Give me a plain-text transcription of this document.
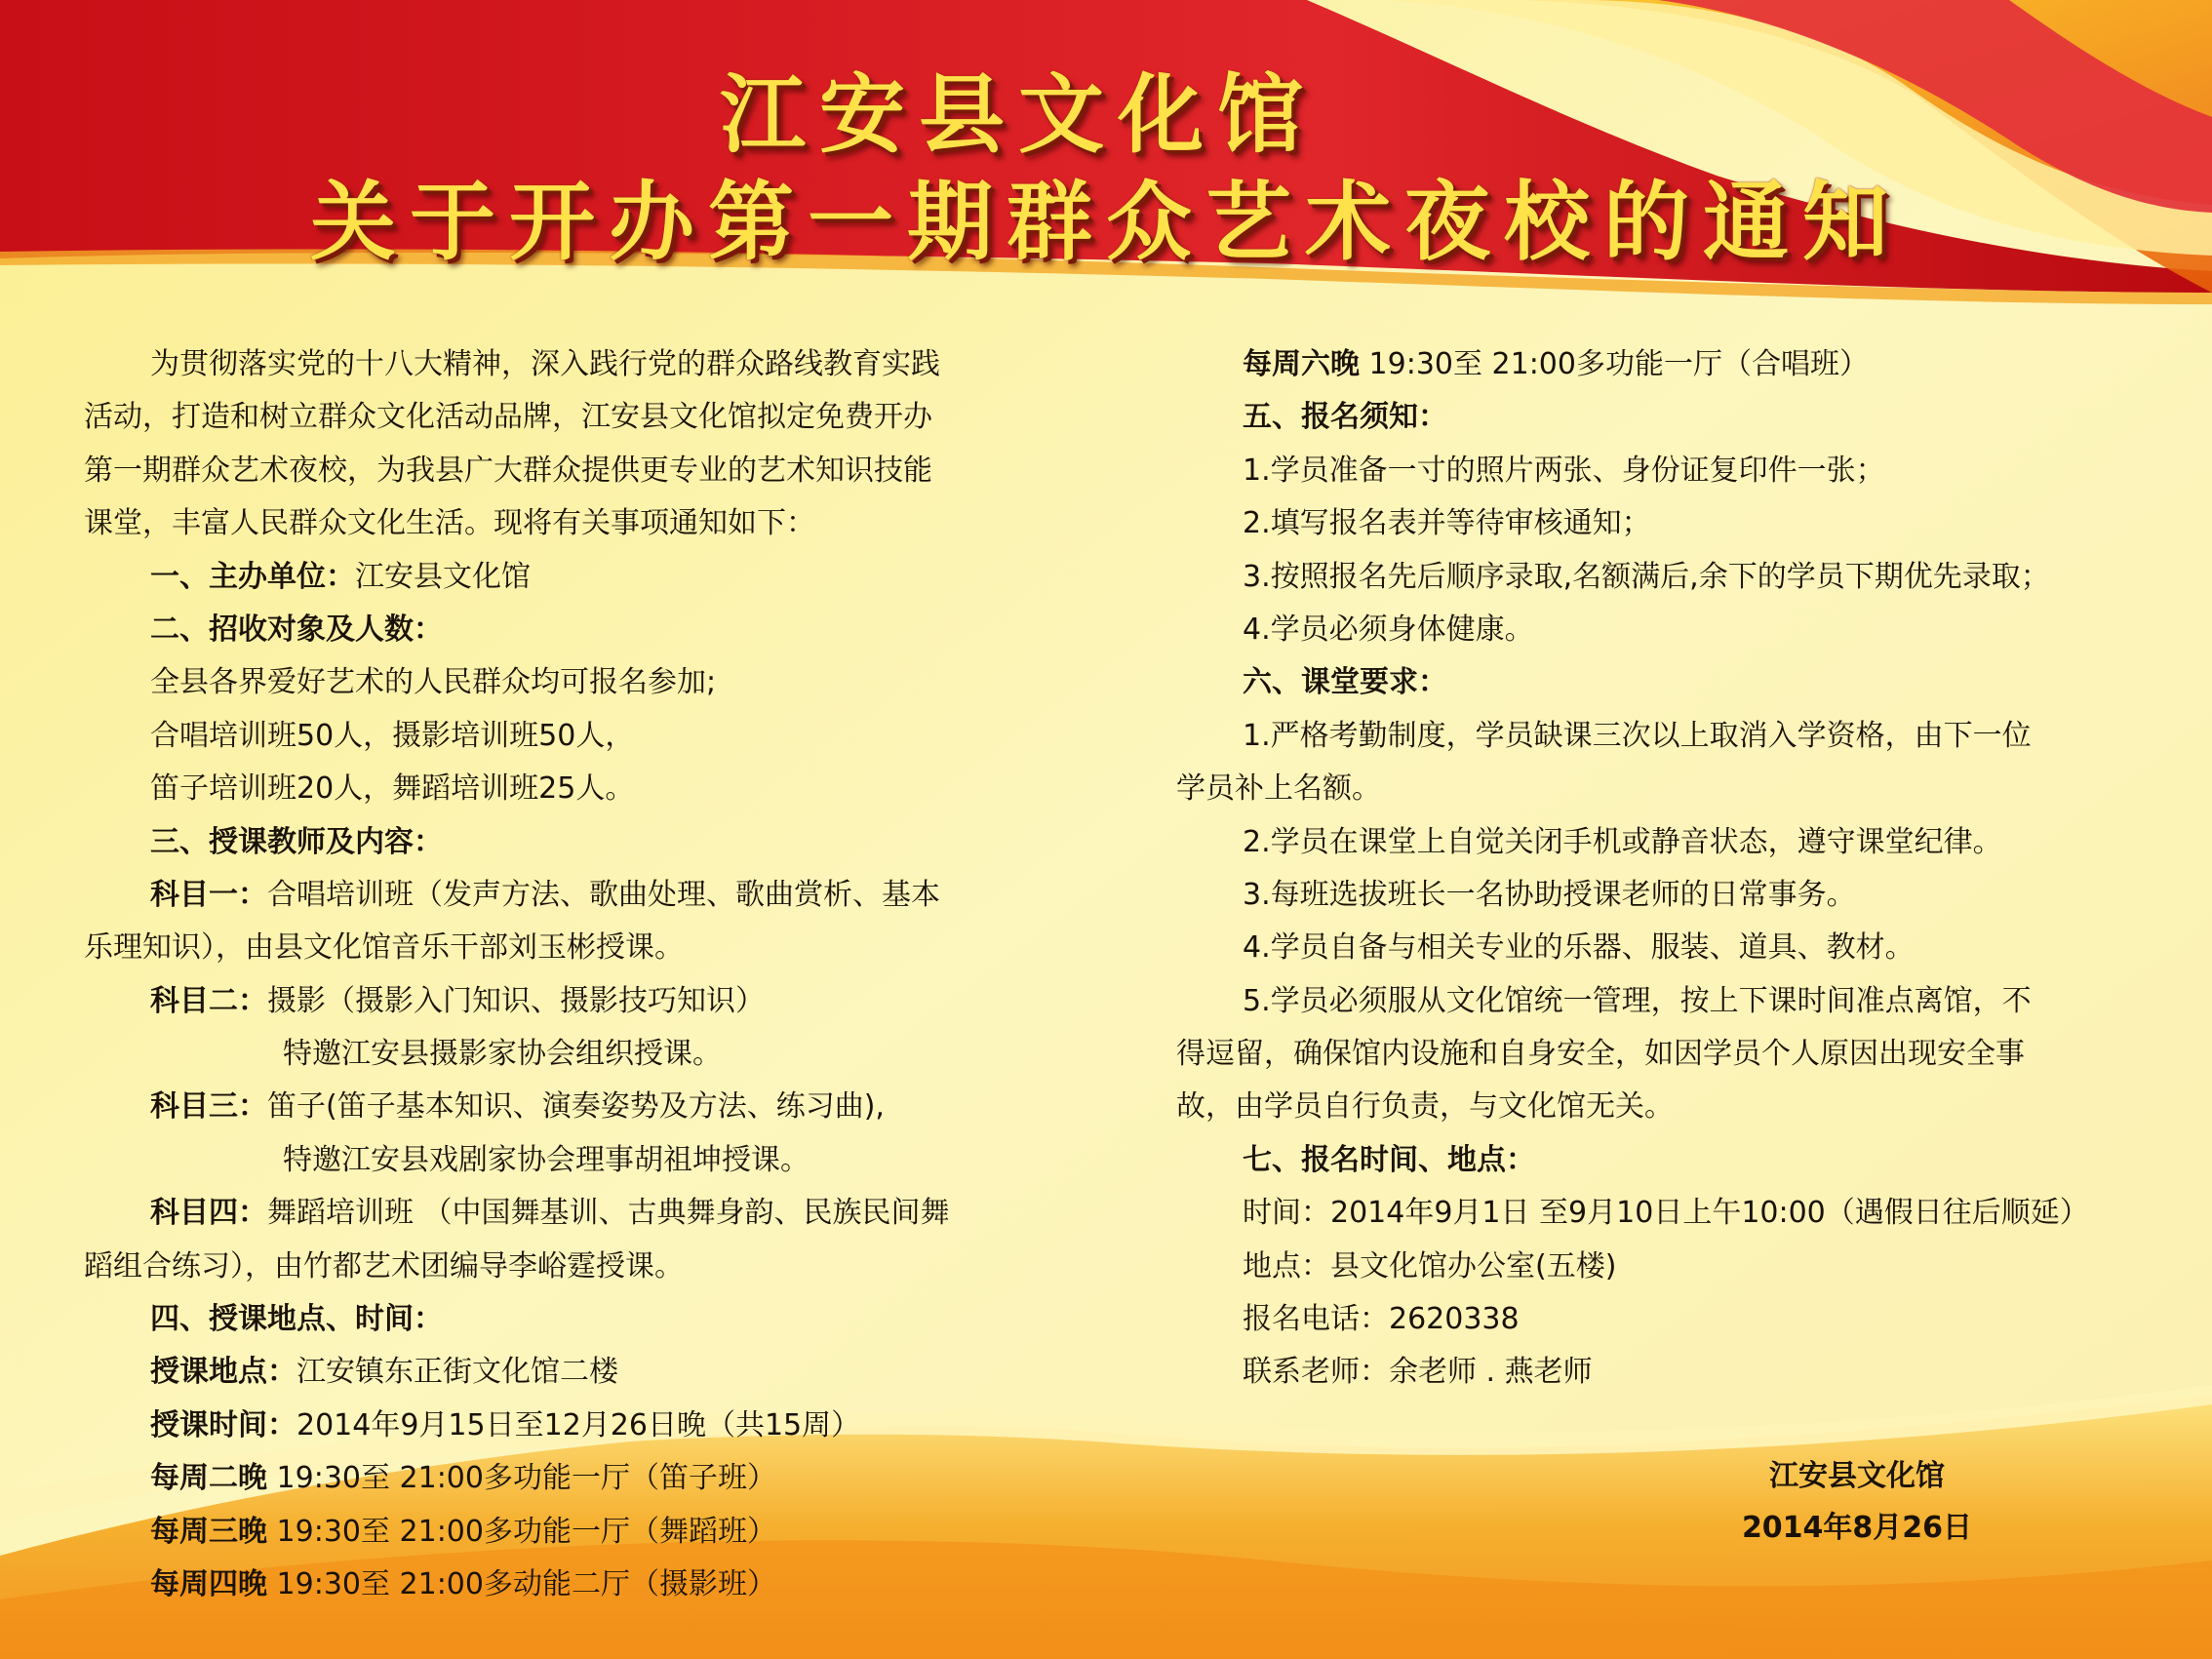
江安县文化馆
关于开办第一期群众艺术夜校的通知
为贯彻落实党的十八大精神，深入践行党的群众路线教育实践
活动，打造和树立群众文化活动品牌，江安县文化馆拟定免费开办
第一期群众艺术夜校，为我县广大群众提供更专业的艺术知识技能
课堂，丰富人民群众文化生活。现将有关事项通知如下：
一、主办单位：江安县文化馆
二、招收对象及人数：
全县各界爱好艺术的人民群众均可报名参加;
合唱培训班50人，摄影培训班50人，
笛子培训班20人，舞蹈培训班25人。
三、授课教师及内容：
科目一：合唱培训班（发声方法、歌曲处理、歌曲赏析、基本
乐理知识），由县文化馆音乐干部刘玉彬授课。
科目二：摄影（摄影入门知识、摄影技巧知识）
特邀江安县摄影家协会组织授课。
科目三：笛子(笛子基本知识、演奏姿势及方法、练习曲),
特邀江安县戏剧家协会理事胡祖坤授课。
科目四：舞蹈培训班 （中国舞基训、古典舞身韵、民族民间舞
蹈组合练习），由竹都艺术团编导李峪霆授课。
四、授课地点、时间：
授课地点：江安镇东正街文化馆二楼
授课时间：2014年9月15日至12月26日晚（共15周）
每周二晚 19:30至 21:00多功能一厅（笛子班）
每周三晚 19:30至 21:00多功能一厅（舞蹈班）
每周四晚 19:30至 21:00多动能二厅（摄影班）
每周六晚 19:30至 21:00多功能一厅（合唱班）
五、报名须知：
1.学员准备一寸的照片两张、身份证复印件一张；
2.填写报名表并等待审核通知；
3.按照报名先后顺序录取,名额满后,余下的学员下期优先录取；
4.学员必须身体健康。
六、课堂要求：
1.严格考勤制度，学员缺课三次以上取消入学资格，由下一位
学员补上名额。
2.学员在课堂上自觉关闭手机或静音状态，遵守课堂纪律。
3.每班选拔班长一名协助授课老师的日常事务。
4.学员自备与相关专业的乐器、服装、道具、教材。
5.学员必须服从文化馆统一管理，按上下课时间准点离馆，不
得逗留，确保馆内设施和自身安全，如因学员个人原因出现安全事
故，由学员自行负责，与文化馆无关。
七、报名时间、地点：
时间：2014年9月1日 至9月10日上午10:00（遇假日往后顺延）
地点：县文化馆办公室(五楼)
报名电话：2620338
联系老师：余老师 . 燕老师
江安县文化馆
2014年8月26日
